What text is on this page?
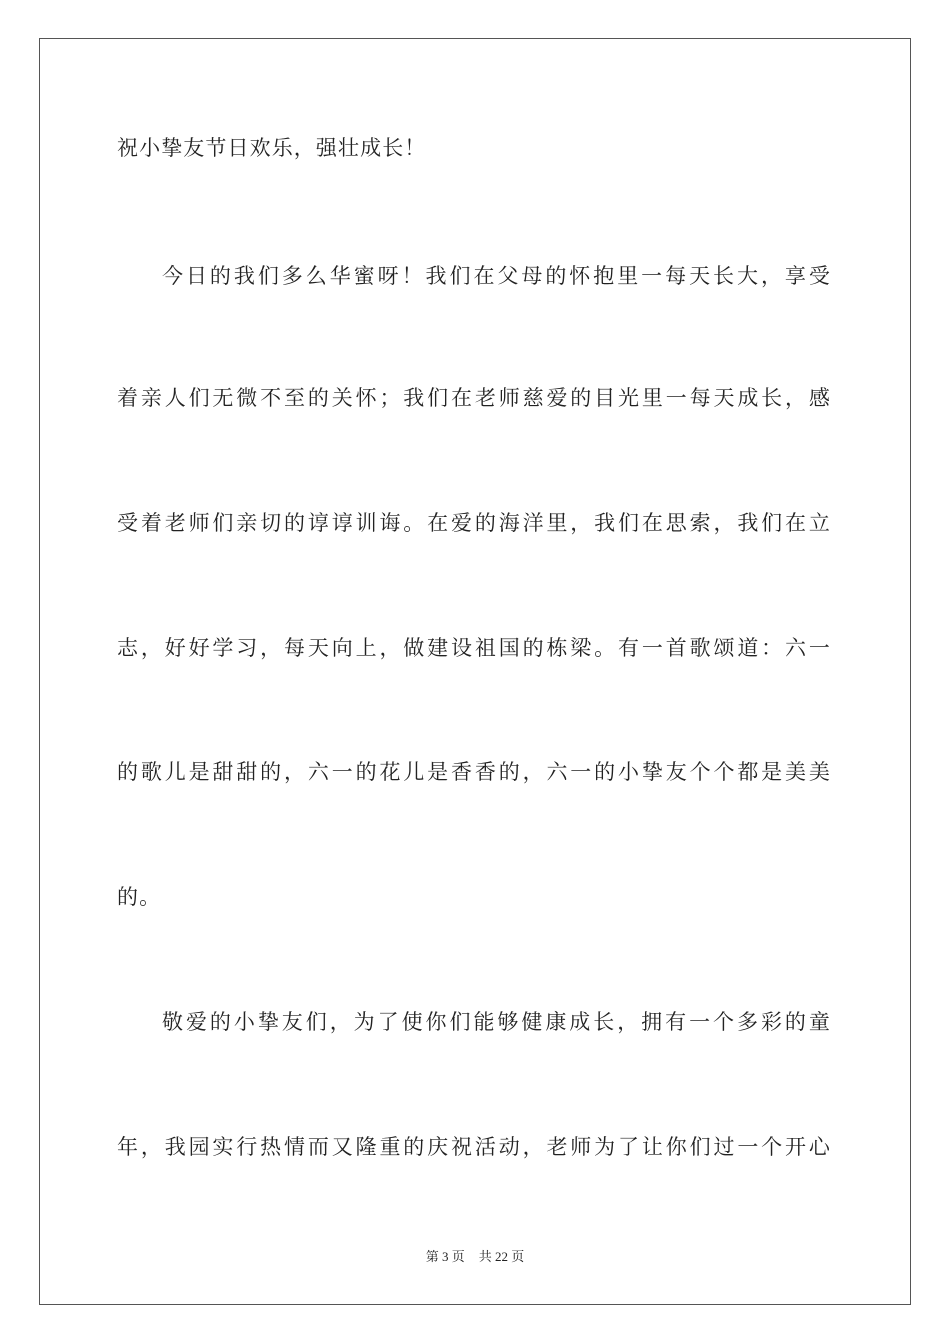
祝小挚友节日欢乐，强壮成长！
今日的我们多么华蜜呀！我们在父母的怀抱里一每天长大，享受
着亲人们无微不至的关怀；我们在老师慈爱的目光里一每天成长，感
受着老师们亲切的谆谆训诲。在爱的海洋里，我们在思索，我们在立
志，好好学习，每天向上，做建设祖国的栋梁。有一首歌颂道：六一
的歌儿是甜甜的，六一的花儿是香香的，六一的小挚友个个都是美美
的。
敬爱的小挚友们，为了使你们能够健康成长，拥有一个多彩的童
年，我园实行热情而又隆重的庆祝活动，老师为了让你们过一个开心
第 3 页 共 22 页
